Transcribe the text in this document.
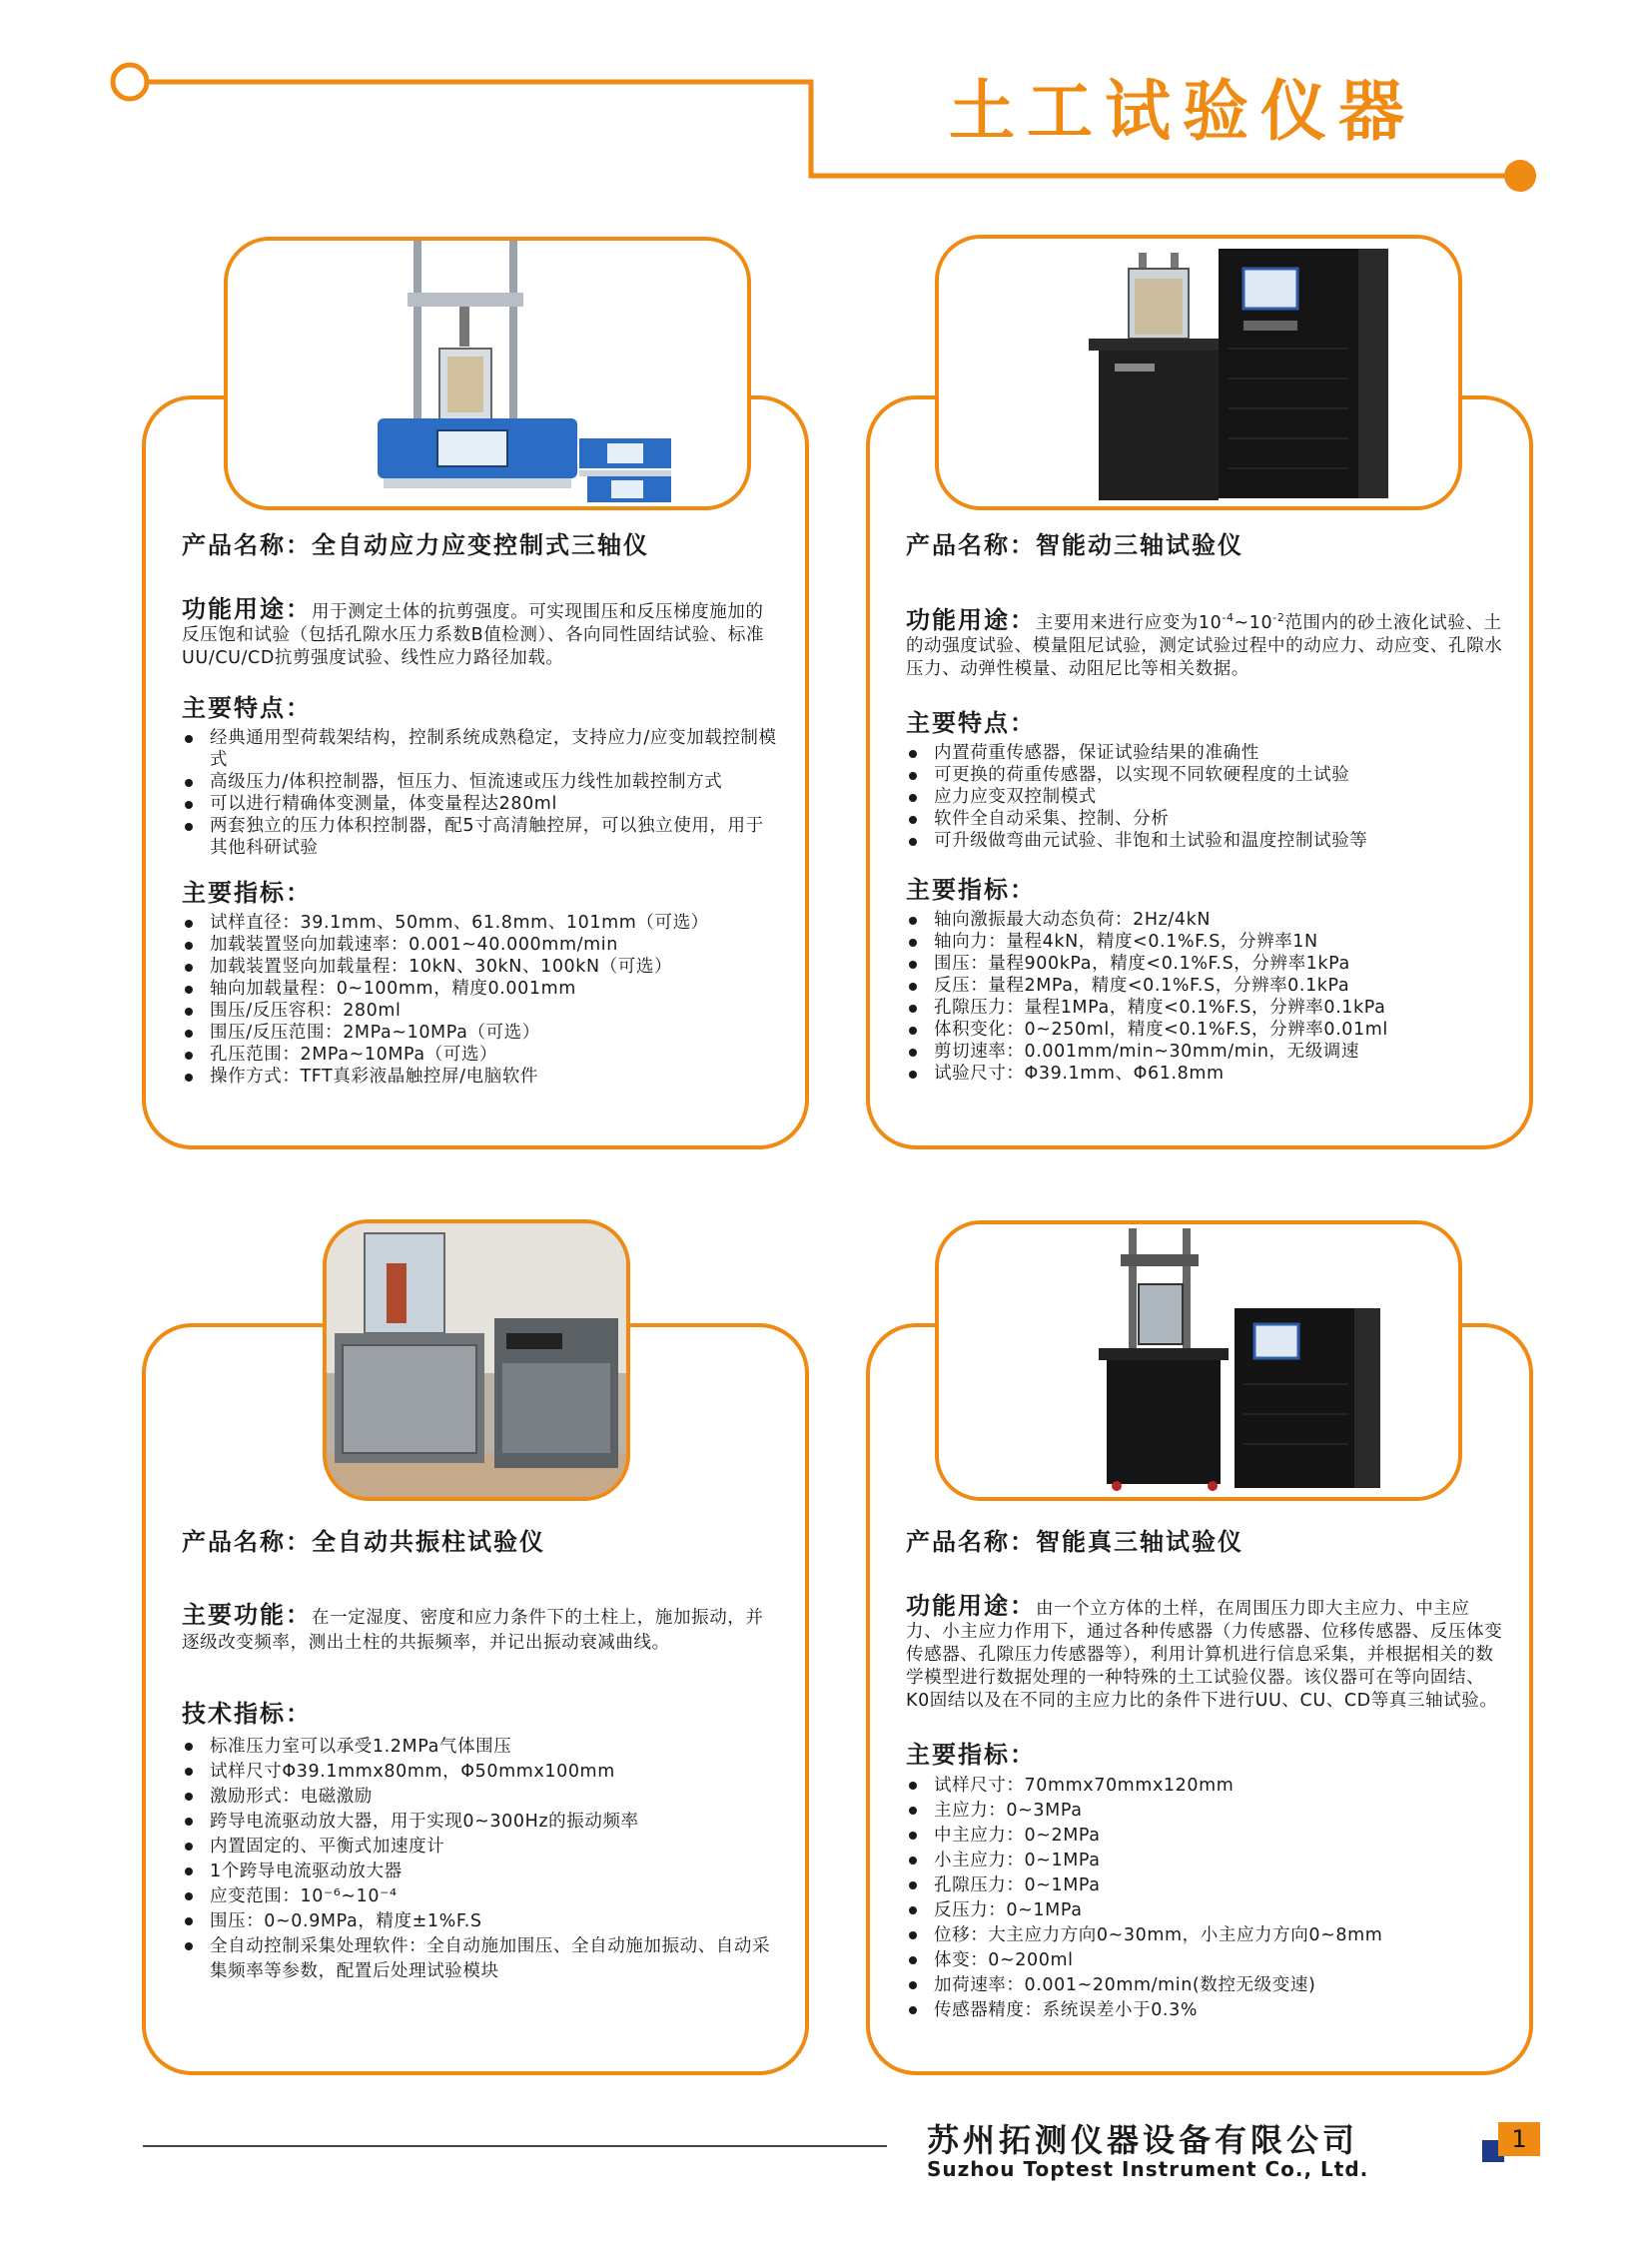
土工试验仪器
产品名称：全自动应力应变控制式三轴仪

功能用途：用于测定土体的抗剪强度。可实现围压和反压梯度施加的反压饱和试验（包括孔隙水压力系数B值检测）、各向同性固结试验、标准UU/CU/CD抗剪强度试验、线性应力路径加载。

主要特点：

经典通用型荷载架结构，控制系统成熟稳定，支持应力/应变加载控制模式
高级压力/体积控制器，恒压力、恒流速或压力线性加载控制方式
可以进行精确体变测量，体变量程达280ml
两套独立的压力体积控制器，配5寸高清触控屏，可以独立使用，用于其他科研试验

主要指标：

试样直径：39.1mm、50mm、61.8mm、101mm（可选）
加载装置竖向加载速率：0.001~40.000mm/min
加载装置竖向加载量程：10kN、30kN、100kN（可选）
轴向加载量程：0~100mm，精度0.001mm
围压/反压容积：280ml
围压/反压范围：2MPa~10MPa（可选）
孔压范围：2MPa~10MPa（可选）
操作方式：TFT真彩液晶触控屏/电脑软件
产品名称：智能动三轴试验仪

功能用途：主要用来进行应变为$10^{-4}\sim 10^{-2}$范围内的砂土液化试验、土的动强度试验、模量阻尼试验，测定试验过程中的动应力、动应变、孔隙水压力、动弹性模量、动阻尼比等相关数据。

主要特点：

内置荷重传感器，保证试验结果的准确性
可更换的荷重传感器，以实现不同软硬程度的土试验
应力应变双控制模式
软件全自动采集、控制、分析
可升级做弯曲元试验、非饱和土试验和温度控制试验等

主要指标：

轴向激振最大动态负荷：2Hz/4kN
轴向力：量程4kN，精度<0.1%F.S，分辨率1N
围压：量程900kPa，精度<0.1%F.S，分辨率1kPa
反压：量程2MPa，精度<0.1%F.S，分辨率0.1kPa
孔隙压力：量程1MPa，精度<0.1%F.S，分辨率0.1kPa
体积变化：0~250ml，精度<0.1%F.S，分辨率0.01ml
剪切速率：0.001mm/min~30mm/min，无级调速
试验尺寸：Φ39.1mm、Φ61.8mm
产品名称：全自动共振柱试验仪

主要功能：在一定湿度、密度和应力条件下的土柱上，施加振动，并逐级改变频率，测出土柱的共振频率，并记出振动衰减曲线。

技术指标：

标准压力室可以承受1.2MPa气体围压
试样尺寸Φ39.1mmx80mm，Φ50mmx100mm
激励形式：电磁激励
跨导电流驱动放大器，用于实现0~300Hz的振动频率
内置固定的、平衡式加速度计
1个跨导电流驱动放大器
应变范围：10⁻⁶~10⁻⁴
围压：0~0.9MPa，精度±1%F.S
全自动控制采集处理软件：全自动施加围压、全自动施加振动、自动采集频率等参数，配置后处理试验模块
产品名称：智能真三轴试验仪

功能用途：由一个立方体的土样，在周围压力即大主应力、中主应力、小主应力作用下，通过各种传感器（力传感器、位移传感器、反压体变传感器、孔隙压力传感器等），利用计算机进行信息采集，并根据相关的数学模型进行数据处理的一种特殊的土工试验仪器。该仪器可在等向固结、K0固结以及在不同的主应力比的条件下进行UU、CU、CD等真三轴试验。

主要指标：

试样尺寸：70mmx70mmx120mm
主应力：0~3MPa
中主应力：0~2MPa
小主应力：0~1MPa
孔隙压力：0~1MPa
反压力：0~1MPa
位移：大主应力方向0~30mm，小主应力方向0~8mm
体变：0~200ml
加荷速率：0.001~20mm/min(数控无级变速)
传感器精度：系统误差小于0.3%
苏州拓测仪器设备有限公司
Suzhou Toptest Instrument Co., Ltd.
1
